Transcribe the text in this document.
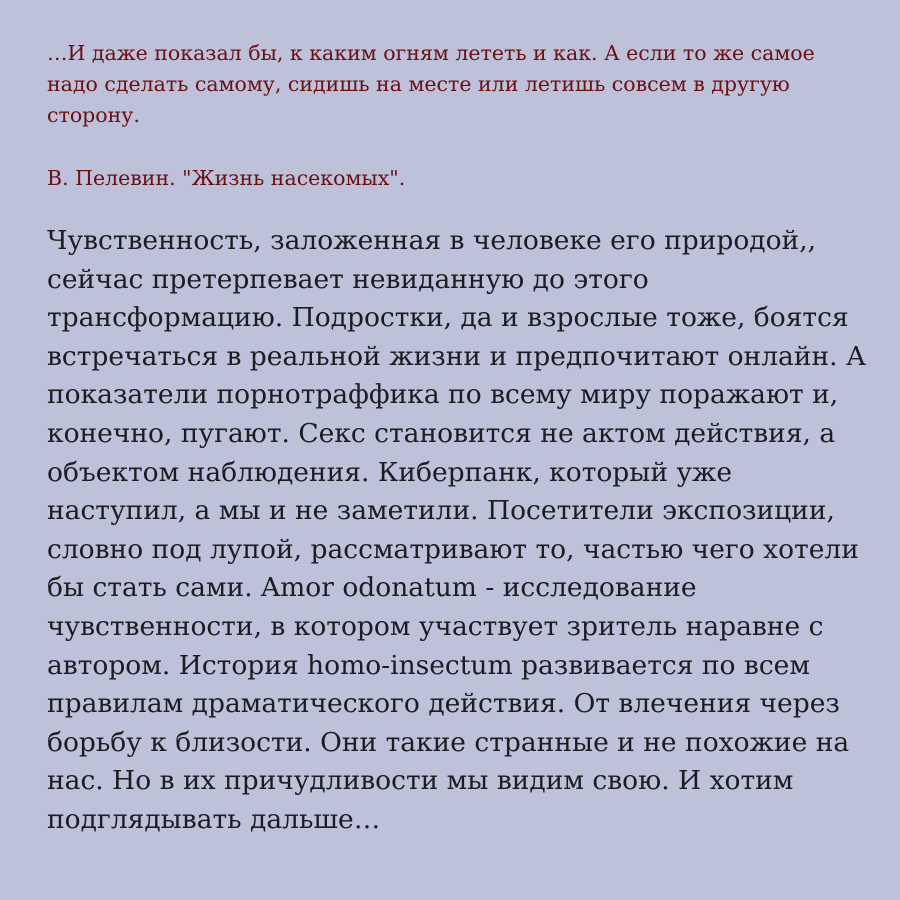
…И даже показал бы, к каким огням лететь и как. А если то же самое надо сделать самому, сидишь на месте или летишь совсем в другую сторону.

В. Пелевин. "Жизнь насекомых".

Чувственность, заложенная в человеке его природой,, сейчас претерпевает невиданную до этого трансформацию. Подростки, да и взрослые тоже, боятся встречаться в реальной жизни и предпочитают онлайн. А показатели порнотраффика по всему миру поражают и, конечно, пугают. Секс становится не актом действия, а объектом наблюдения. Киберпанк, который уже наступил, а мы и не заметили. Посетители экспозиции, словно под лупой, рассматривают то, частью чего хотели бы стать сами. Amor odonatum - исследование чувственности, в котором участвует зритель наравне с автором. История homo-insectum развивается по всем правилам драматического действия. От влечения через борьбу к близости. Они такие странные и не похожие на нас. Но в их причудливости мы видим свою. И хотим подглядывать дальше…
